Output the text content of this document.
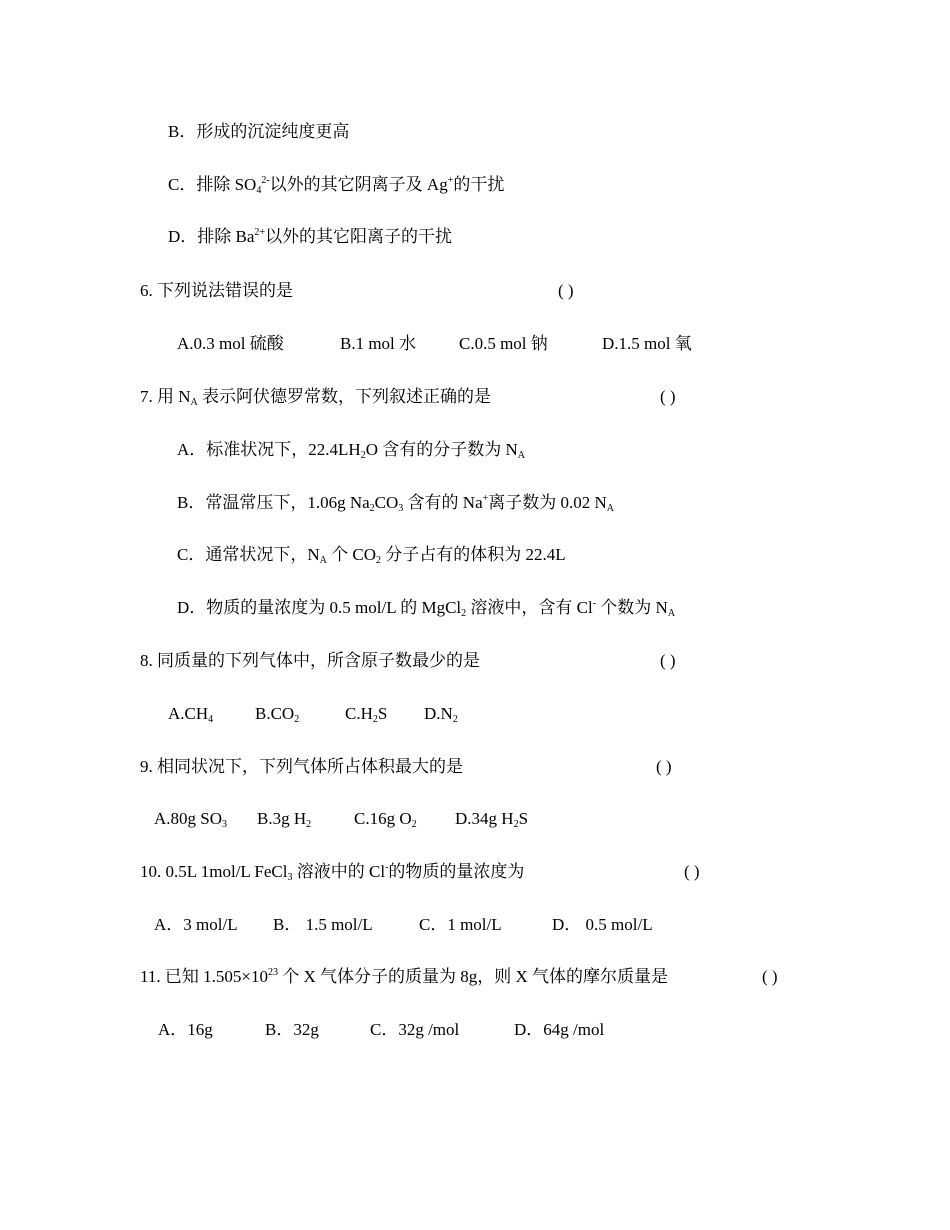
B．形成的沉淀纯度更高
C．排除 $SO_4^{2-}$以外的其它阴离子及 Ag+的干扰
D．排除 $Ba^{2+}$以外的其它阳离子的干扰
6. 下列说法错误的是	( )
A.0.3 mol 硫酸	B.1 mol 水	C.0.5 mol 钠	D.1.5 mol 氧
7. 用 $N_A$ 表示阿伏德罗常数，下列叙述正确的是	( )
A．标准状况下，$22.4LH_2O$ 含有的分子数为 $N_A$
B．常温常压下，1.06g $Na_2CO_3$ 含有的 Na+离子数为 0.02 $N_A$
C．通常状况下，$N_A$ 个 $CO_2$ 分子占有的体积为 22.4L
D．物质的量浓度为 0.5 mol/L 的 MgCl$_2$ 溶液中，含有 Cl- 个数为 $N_A$
8. 同质量的下列气体中，所含原子数最少的是	( )
$A.CH_4$ $B.CO_2$	$C.H_2S$ $D.N_2$
9. 相同状况下，下列气体所占体积最大的是	( )
A.80g $SO_3$ B.3g $H_2$	C.16g $O_2$ D.34g $H_2S$
10. 0.5L 1mol/L FeCl$_3$ 溶液中的 Cl-的物质的量浓度为	( )
A．3 mol/L B． 1.5 mol/L	C．1 mol/L	D． 0.5 mol/L
11. 已知 $1.505\times 10^{23}$ 个 X 气体分子的质量为 8g，则 X 气体的摩尔质量是	( )
A．16g	B．32g	C．32g /mol	D．64g /mol
